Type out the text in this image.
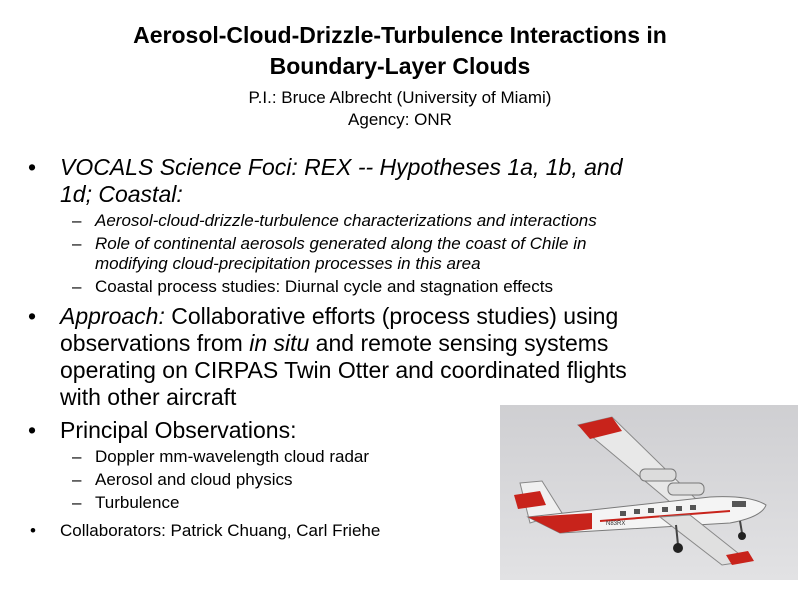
Aerosol-Cloud-Drizzle-Turbulence Interactions in
Boundary-Layer Clouds
P.I.: Bruce Albrecht (University of Miami)
Agency: ONR
• VOCALS Science Foci: REX -- Hypotheses 1a, 1b, and
1d; Coastal:
– Aerosol-cloud-drizzle-turbulence characterizations and interactions
– Role of continental aerosols generated along the coast of Chile in
modifying cloud-precipitation processes in this area
– Coastal process studies: Diurnal cycle and stagnation effects
• Approach: Collaborative efforts (process studies) using
observations from in situ and remote sensing systems
operating on CIRPAS Twin Otter and coordinated flights
with other aircraft
• Principal Observations:
– Doppler mm-wavelength cloud radar
– Aerosol and cloud physics
– Turbulence
• Collaborators: Patrick Chuang, Carl Friehe	N83RX
